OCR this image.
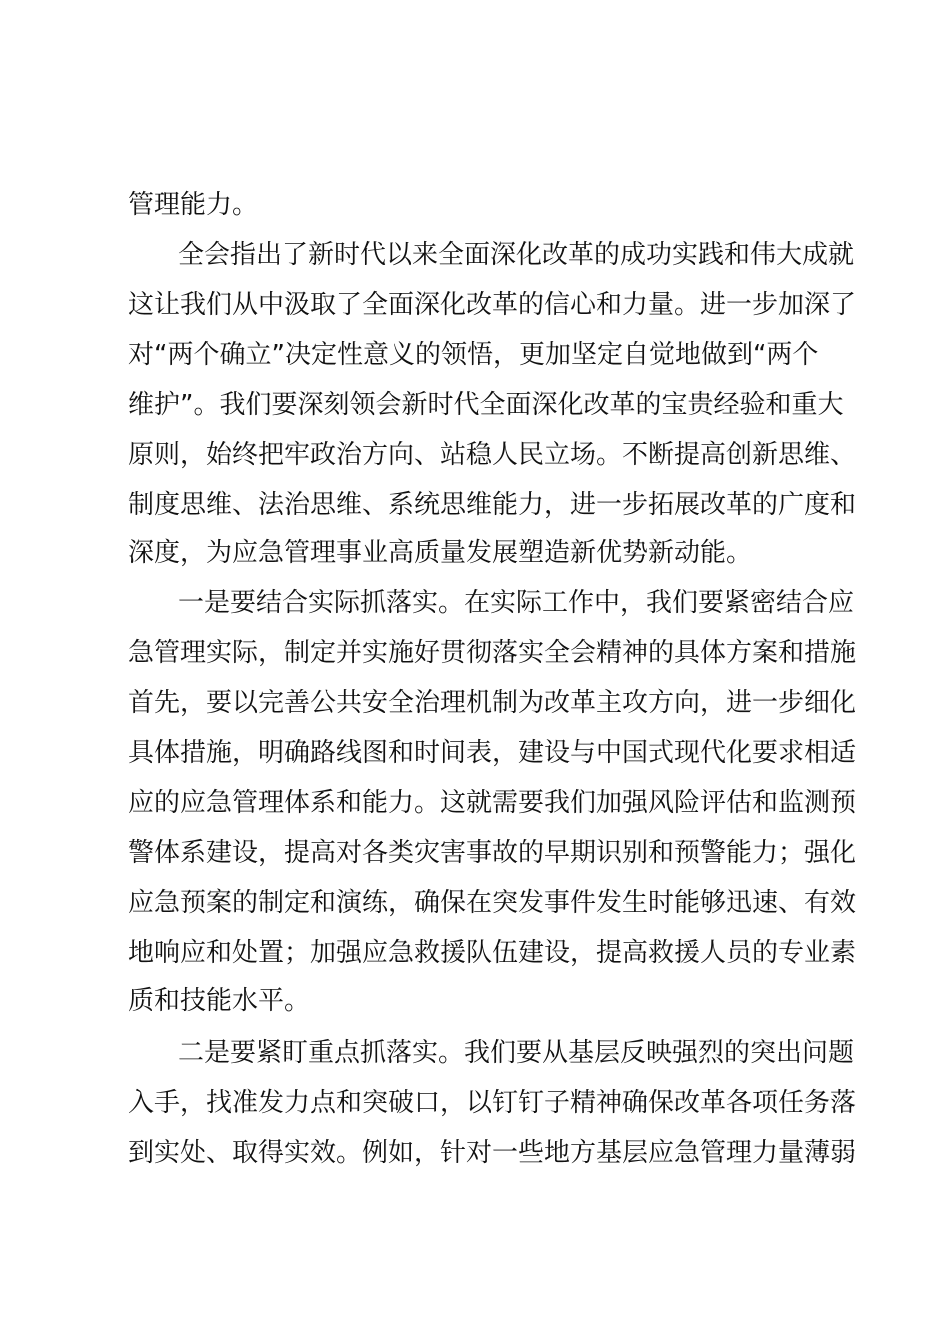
管理能力。
全会指出了新时代以来全面深化改革的成功实践和伟大成就
这让我们从中汲取了全面深化改革的信心和力量。进一步加深了
对“两个确立”决定性意义的领悟，更加坚定自觉地做到“两个
维护”。我们要深刻领会新时代全面深化改革的宝贵经验和重大
原则，始终把牢政治方向、站稳人民立场。不断提高创新思维、
制度思维、法治思维、系统思维能力，进一步拓展改革的广度和
深度，为应急管理事业高质量发展塑造新优势新动能。
一是要结合实际抓落实。在实际工作中，我们要紧密结合应
急管理实际，制定并实施好贯彻落实全会精神的具体方案和措施
首先，要以完善公共安全治理机制为改革主攻方向，进一步细化
具体措施，明确路线图和时间表，建设与中国式现代化要求相适
应的应急管理体系和能力。这就需要我们加强风险评估和监测预
警体系建设，提高对各类灾害事故的早期识别和预警能力；强化
应急预案的制定和演练，确保在突发事件发生时能够迅速、有效
地响应和处置；加强应急救援队伍建设，提高救援人员的专业素
质和技能水平。
二是要紧盯重点抓落实。我们要从基层反映强烈的突出问题
入手，找准发力点和突破口，以钉钉子精神确保改革各项任务落
到实处、取得实效。例如，针对一些地方基层应急管理力量薄弱
